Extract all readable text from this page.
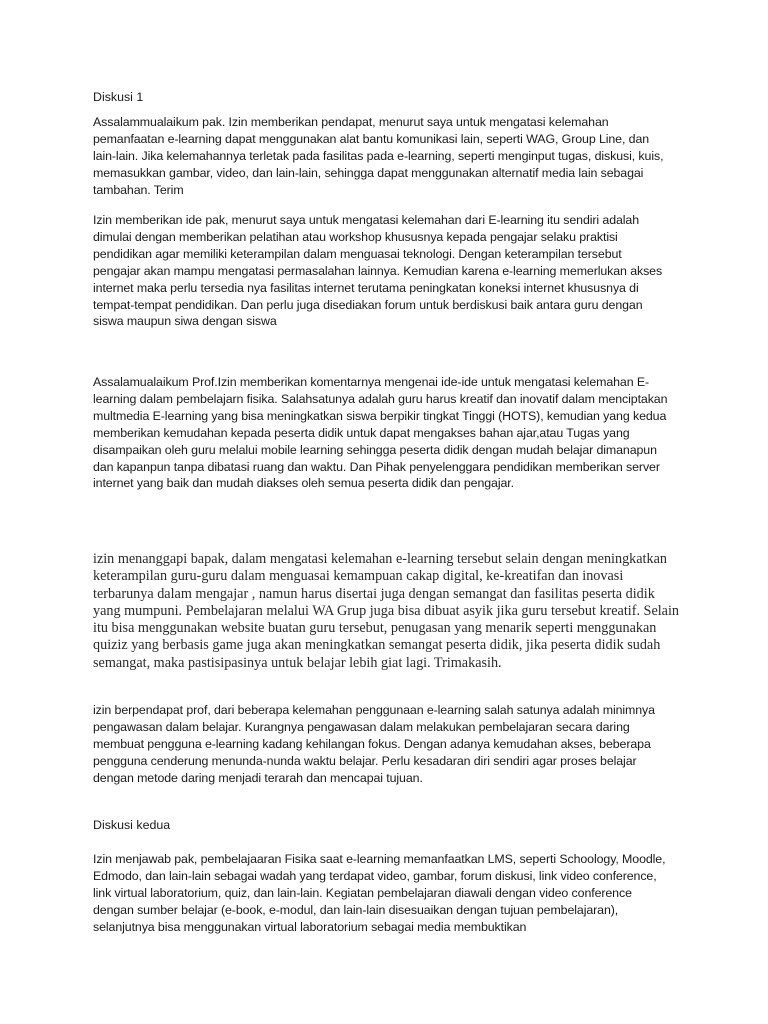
Diskusi 1

Assalammualaikum pak. Izin memberikan pendapat, menurut saya untuk mengatasi kelemahan pemanfaatan e-learning dapat menggunakan alat bantu komunikasi lain, seperti WAG, Group Line, dan lain-lain. Jika kelemahannya terletak pada fasilitas pada e-learning, seperti menginput tugas, diskusi, kuis, memasukkan gambar, video, dan lain-lain, sehingga dapat menggunakan alternatif media lain sebagai tambahan. Terim

Izin memberikan ide pak, menurut saya untuk mengatasi kelemahan dari E-learning itu sendiri adalah dimulai dengan memberikan pelatihan atau workshop khususnya kepada pengajar selaku praktisi pendidikan agar memiliki keterampilan dalam menguasai teknologi. Dengan keterampilan tersebut pengajar akan mampu mengatasi permasalahan lainnya. Kemudian karena e-learning memerlukan akses internet maka perlu tersedia nya fasilitas internet terutama peningkatan koneksi internet khususnya di tempat-tempat pendidikan. Dan perlu juga disediakan forum untuk berdiskusi baik antara guru dengan siswa maupun siwa dengan siswa

Assalamualaikum Prof.Izin memberikan komentarnya mengenai ide-ide untuk mengatasi kelemahan E-learning dalam pembelajarn fisika. Salahsatunya adalah guru harus kreatif dan inovatif dalam menciptakan multmedia E-learning yang bisa meningkatkan siswa berpikir tingkat Tinggi (HOTS), kemudian yang kedua memberikan kemudahan kepada peserta didik untuk dapat mengakses bahan ajar,atau Tugas yang disampaikan oleh guru melalui mobile learning sehingga peserta didik dengan mudah belajar dimanapun dan kapanpun tanpa dibatasi ruang dan waktu. Dan Pihak penyelenggara pendidikan memberikan server internet yang baik dan mudah diakses oleh semua peserta didik dan pengajar.

izin menanggapi bapak, dalam mengatasi kelemahan e-learning tersebut selain dengan meningkatkan keterampilan guru-guru dalam menguasai kemampuan cakap digital, ke-kreatifan dan inovasi terbarunya dalam mengajar , namun harus disertai juga dengan semangat dan fasilitas peserta didik yang mumpuni. Pembelajaran melalui WA Grup juga bisa dibuat asyik jika guru tersebut kreatif. Selain itu bisa menggunakan website buatan guru tersebut, penugasan yang menarik seperti menggunakan quiziz yang berbasis game juga akan meningkatkan semangat peserta didik, jika peserta didik sudah semangat, maka pastisipasinya untuk belajar lebih giat lagi. Trimakasih.

izin berpendapat prof, dari beberapa kelemahan penggunaan e-learning salah satunya adalah minimnya pengawasan dalam belajar. Kurangnya pengawasan dalam melakukan pembelajaran secara daring membuat pengguna e-learning kadang kehilangan fokus. Dengan adanya kemudahan akses, beberapa pengguna cenderung menunda-nunda waktu belajar. Perlu kesadaran diri sendiri agar proses belajar dengan metode daring menjadi terarah dan mencapai tujuan.

Diskusi kedua

Izin menjawab pak, pembelajaaran Fisika saat e-learning memanfaatkan LMS, seperti Schoology, Moodle, Edmodo, dan lain-lain sebagai wadah yang terdapat video, gambar, forum diskusi, link video conference, link virtual laboratorium, quiz, dan lain-lain. Kegiatan pembelajaran diawali dengan video conference dengan sumber belajar (e-book, e-modul, dan lain-lain disesuaikan dengan tujuan pembelajaran), selanjutnya bisa menggunakan virtual laboratorium sebagai media membuktikan
